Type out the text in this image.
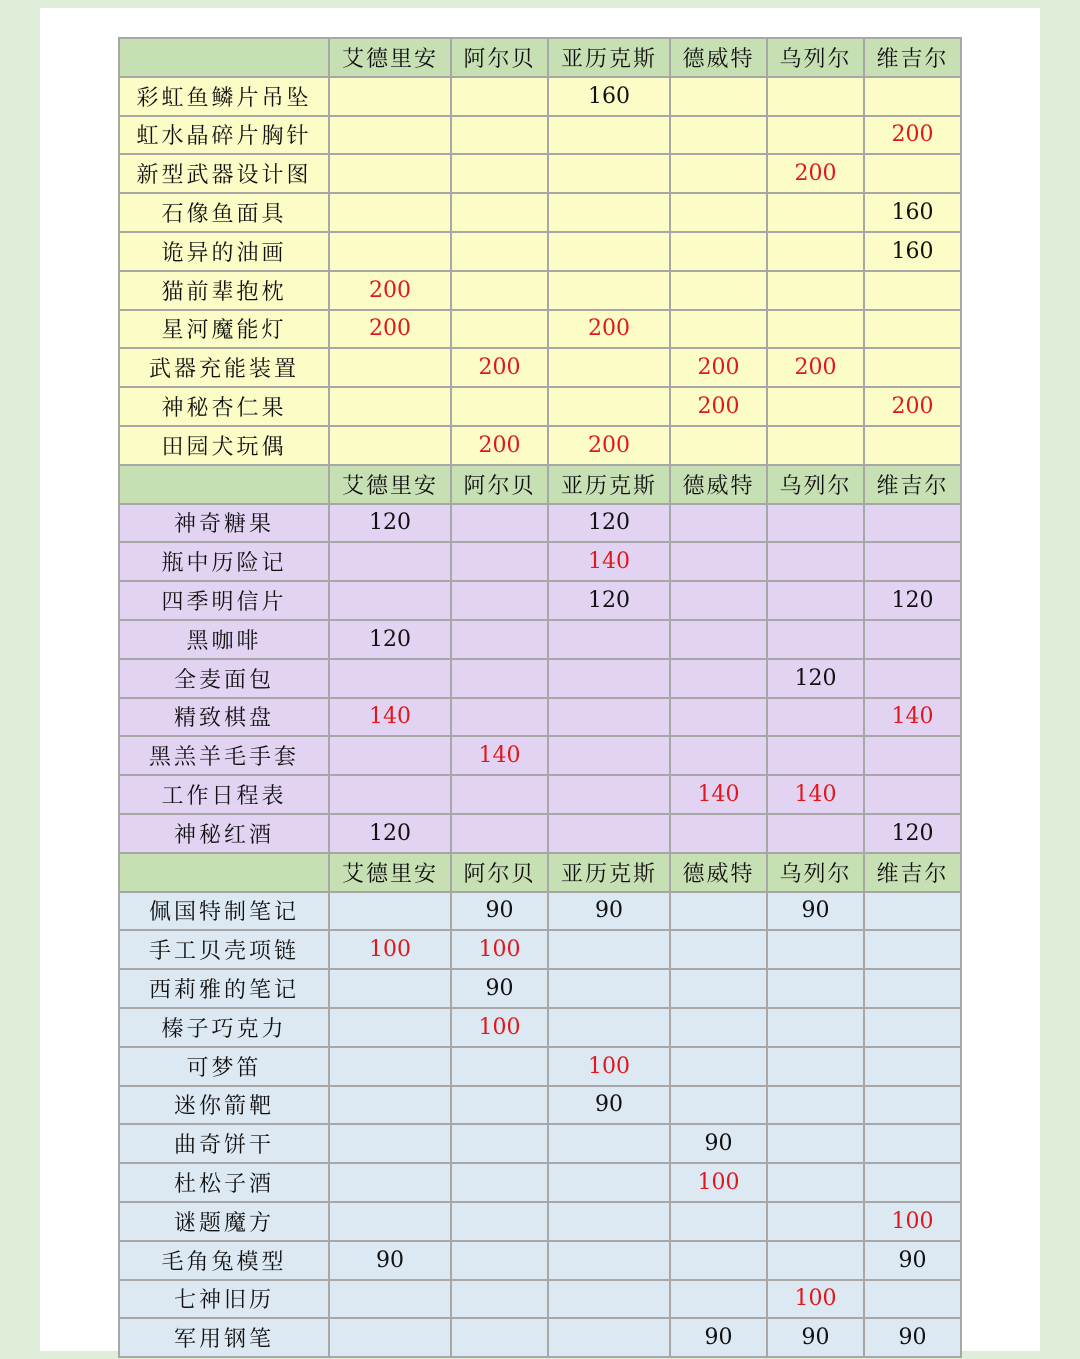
	艾德里安	阿尔贝	亚历克斯	德威特	乌列尔	维吉尔
彩虹鱼鳞片吊坠			160			
虹水晶碎片胸针						200
新型武器设计图					200	
石像鱼面具						160
诡异的油画						160
猫前辈抱枕	200					
星河魔能灯	200		200			
武器充能装置		200		200	200	
神秘杏仁果				200		200
田园犬玩偶		200	200			
	艾德里安	阿尔贝	亚历克斯	德威特	乌列尔	维吉尔
神奇糖果	120		120			
瓶中历险记			140			
四季明信片			120			120
黑咖啡	120					
全麦面包					120	
精致棋盘	140					140
黑羔羊毛手套		140				
工作日程表				140	140	
神秘红酒	120					120
	艾德里安	阿尔贝	亚历克斯	德威特	乌列尔	维吉尔
佩国特制笔记		90	90		90	
手工贝壳项链	100	100				
西莉雅的笔记		90				
榛子巧克力		100				
可梦笛			100			
迷你箭靶			90			
曲奇饼干				90		
杜松子酒				100		
谜题魔方						100
毛角兔模型	90					90
七神旧历					100	
军用钢笔				90	90	90
